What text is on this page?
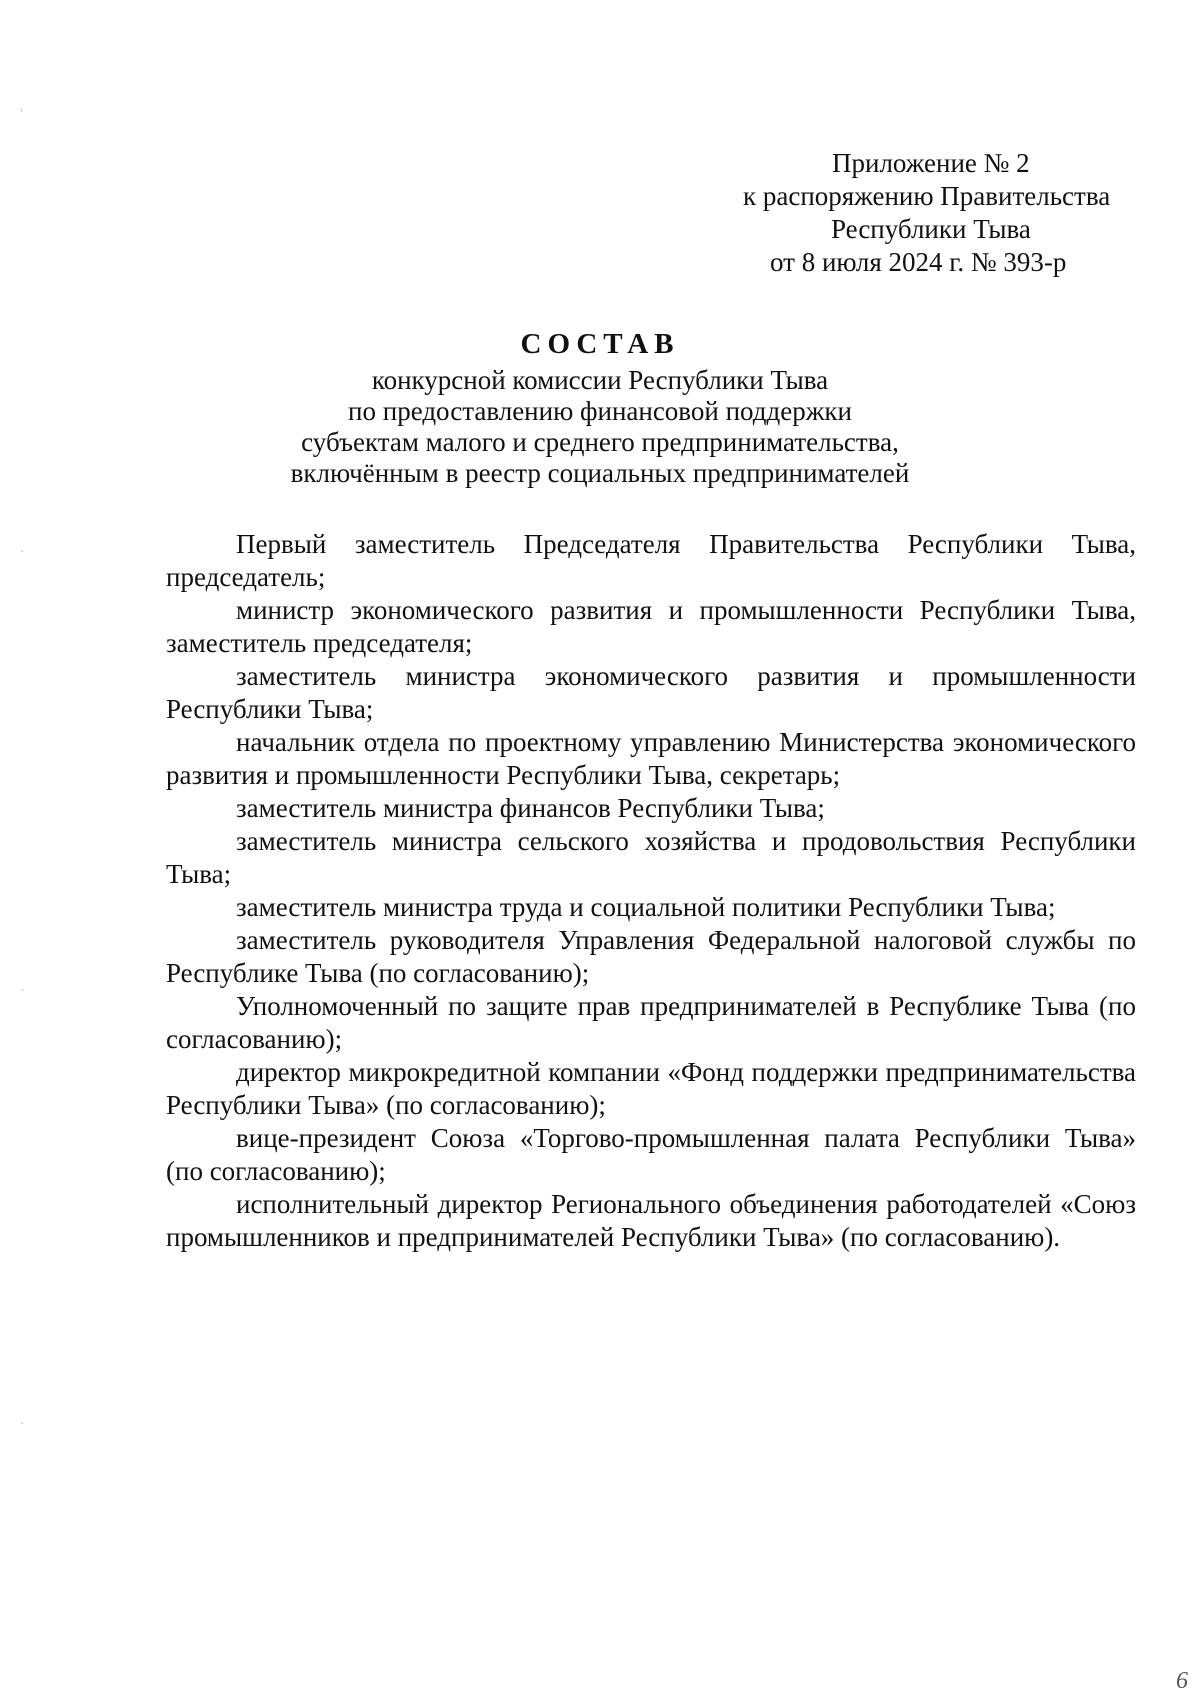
Приложение № 2
к распоряжению Правительства
Республики Тыва
от 8 июля 2024 г. № 393-р
СОСТАВ
конкурсной комиссии Республики Тыва
по предоставлению финансовой поддержки
субъектам малого и среднего предпринимательства,
включённым в реестр социальных предпринимателей

Первый заместитель Председателя Правительства Республики Тыва, председатель;

министр экономического развития и промышленности Республики Тыва, заместитель председателя;

заместитель министра экономического развития и промышленности Республики Тыва;

начальник отдела по проектному управлению Министерства экономического развития и промышленности Республики Тыва, секретарь;

заместитель министра финансов Республики Тыва;

заместитель министра сельского хозяйства и продовольствия Республики Тыва;

заместитель министра труда и социальной политики Республики Тыва;

заместитель руководителя Управления Федеральной налоговой службы по Республике Тыва (по согласованию);

Уполномоченный по защите прав предпринимателей в Республике Тыва (по согласованию);

директор микрокредитной компании «Фонд поддержки предпринимательства Республики Тыва» (по согласованию);

вице-президент Союза «Торгово-промышленная палата Республики Тыва» (по согласованию);

исполнительный директор Регионального объединения работодателей «Союз промышленников и предпринимателей Республики Тыва» (по согласованию).

'
·
·
·
6
